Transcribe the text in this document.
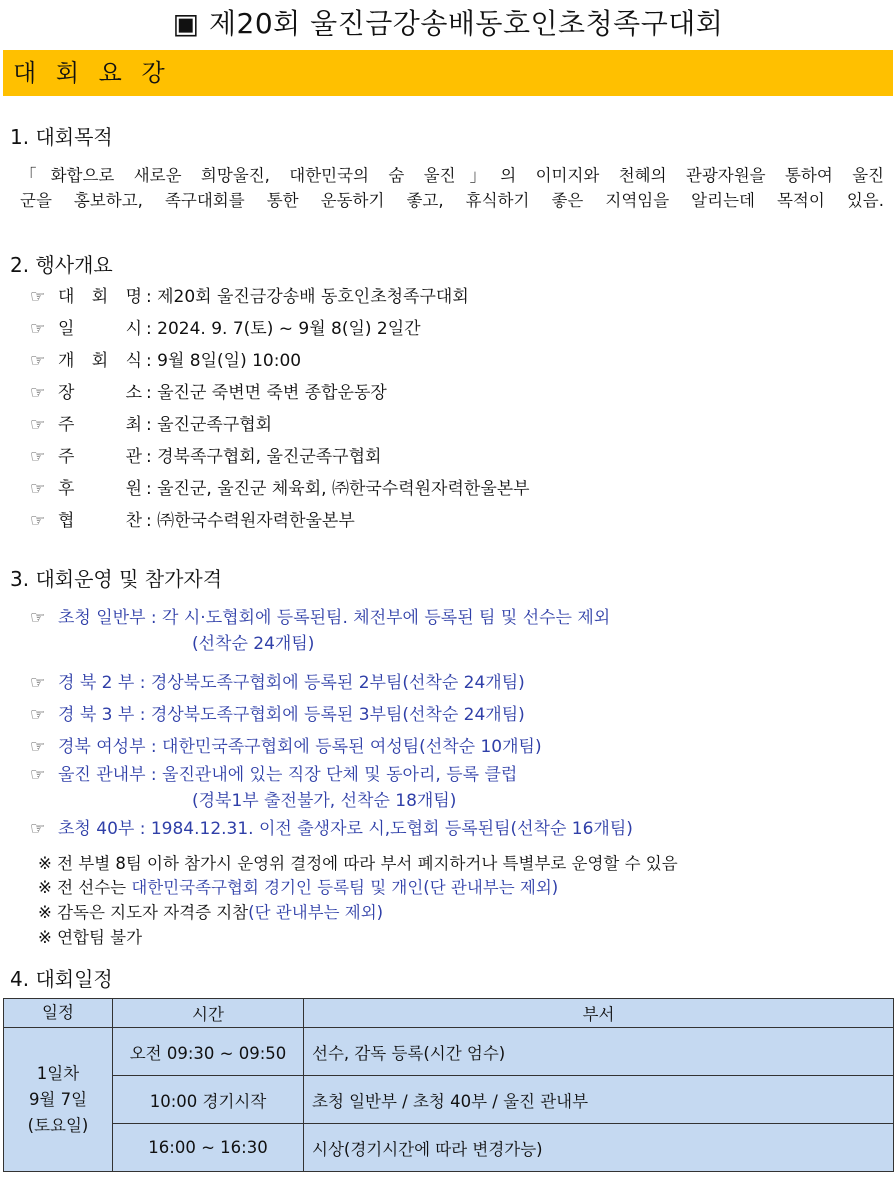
▣ 제20회 울진금강송배동호인초청족구대회
대 회 요 강
1. 대회목적
「화합으로 새로운 희망울진, 대한민국의 숨 울진」의 이미지와 천혜의 관광자원을 통하여 울진
군을 홍보하고, 족구대회를 통한 운동하기 좋고, 휴식하기 좋은 지역임을 알리는데 목적이 있음.
2. 행사개요
☞ 대 회 명 : 제20회 울진금강송배 동호인초청족구대회
☞ 일 시 : 2024. 9. 7(토) ~ 9월 8(일) 2일간
☞ 개 회 식 : 9월 8일(일) 10:00
☞ 장 소 : 울진군 죽변면 죽변 종합운동장
☞ 주 최 : 울진군족구협회
☞ 주 관 : 경북족구협회, 울진군족구협회
☞ 후 원 : 울진군, 울진군 체육회, ㈜한국수력원자력한울본부
☞ 협 찬 : ㈜한국수력원자력한울본부
3. 대회운영 및 참가자격
☞ 초청 일반부 : 각 시·도협회에 등록된팀. 체전부에 등록된 팀 및 선수는 제외
(선착순 24개팀)
☞ 경 북 2 부 : 경상북도족구협회에 등록된 2부팀(선착순 24개팀)
☞ 경 북 3 부 : 경상북도족구협회에 등록된 3부팀(선착순 24개팀)
☞ 경북 여성부 : 대한민국족구협회에 등록된 여성팀(선착순 10개팀)
☞ 울진 관내부 : 울진관내에 있는 직장 단체 및 동아리, 등록 클럽
(경북1부 출전불가, 선착순 18개팀)
☞ 초청 40부 : 1984.12.31. 이전 출생자로 시,도협회 등록된팀(선착순 16개팀)
※ 전 부별 8팀 이하 참가시 운영위 결정에 따라 부서 폐지하거나 특별부로 운영할 수 있음
※ 전 선수는 대한민국족구협회 경기인 등록팀 및 개인(단 관내부는 제외)
※ 감독은 지도자 자격증 지참(단 관내부는 제외)
※ 연합팀 불가
4. 대회일정
일정	시간	부서

1일차
9월 7일
(토요일)	오전 09:30 ~ 09:50	선수, 감독 등록(시간 엄수)
	10:00 경기시작	초청 일반부 / 초청 40부 / 울진 관내부
	16:00 ~ 16:30	시상(경기시간에 따라 변경가능)
